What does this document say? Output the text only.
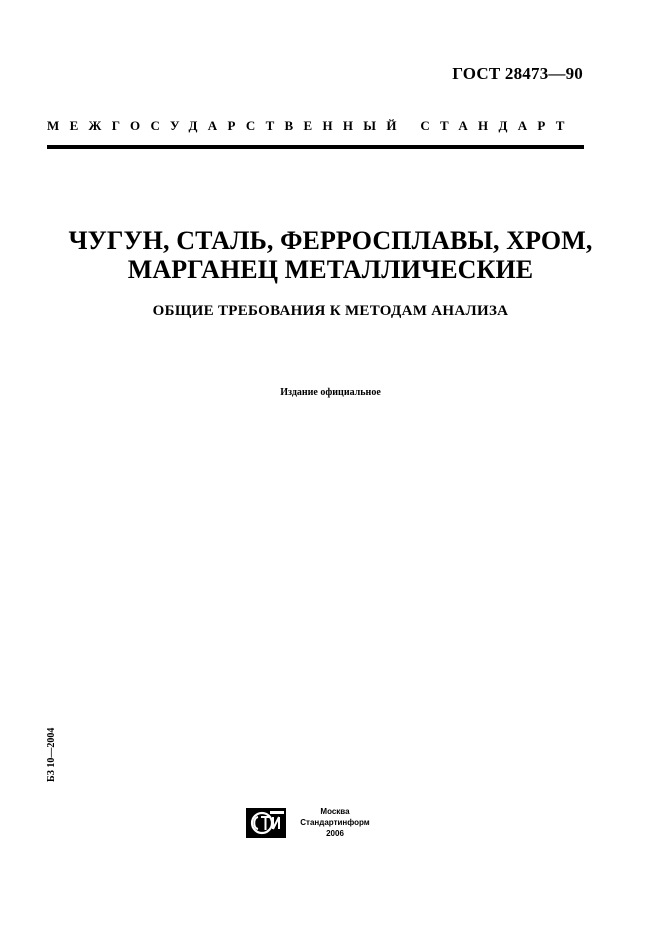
ГОСТ 28473—90
МЕЖГОСУДАРСТВЕННЫЙ СТАНДАРТ
ЧУГУН, СТАЛЬ, ФЕРРОСПЛАВЫ, ХРОМ,
МАРГАНЕЦ МЕТАЛЛИЧЕСКИЕ
ОБЩИЕ ТРЕБОВАНИЯ К МЕТОДАМ АНАЛИЗА
Издание официальное
БЗ 10—2004
Москва
Стандартинформ
2006
